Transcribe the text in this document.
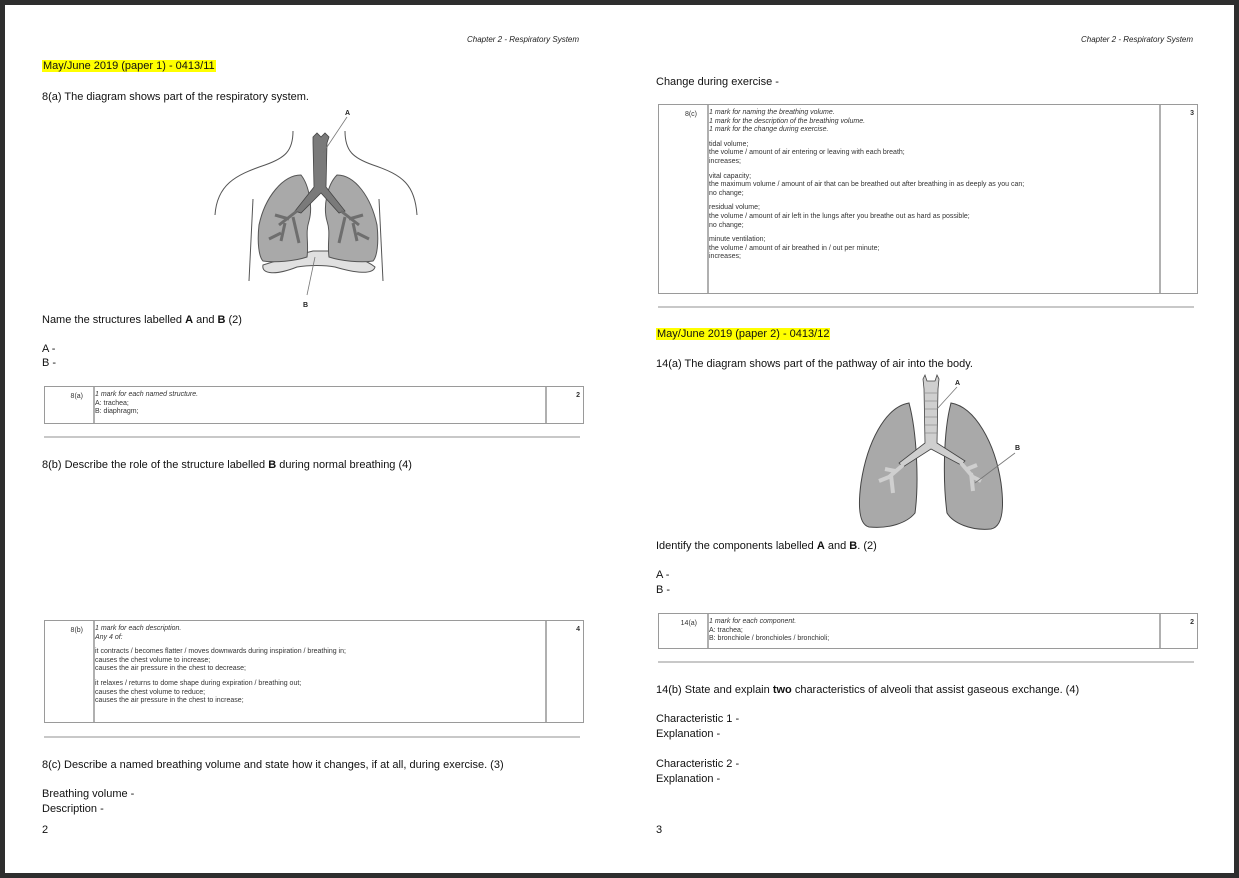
Chapter 2 - Respiratory System
May/June 2019 (paper 1) - 0413/11
8(a) The diagram shows part of the respiratory system.
A
B
Name the structures labelled A and B (2)
A -
B -
8(a) 1 mark for each named structure.
A: trachea;
B: diaphragm;
2
8(b) Describe the role of the structure labelled B during normal breathing (4)
8(b) 1 mark for each description.
Any 4 of:
it contracts / becomes flatter / moves downwards during inspiration / breathing in;
causes the chest volume to increase;
causes the air pressure in the chest to decrease;
it relaxes / returns to dome shape during expiration / breathing out;
causes the chest volume to reduce;
causes the air pressure in the chest to increase;
4
8(c) Describe a named breathing volume and state how it changes, if at all, during exercise. (3)
Breathing volume -
Description -
2
Chapter 2 - Respiratory System
Change during exercise -
8(c) 1 mark for naming the breathing volume.
1 mark for the description of the breathing volume.
1 mark for the change during exercise.
tidal volume;
the volume / amount of air entering or leaving with each breath;
increases;
vital capacity;
the maximum volume / amount of air that can be breathed out after breathing in as deeply as you can;
no change;
residual volume;
the volume / amount of air left in the lungs after you breathe out as hard as possible;
no change;
minute ventilation;
the volume / amount of air breathed in / out per minute;
increases;
3
May/June 2019 (paper 2) - 0413/12
14(a) The diagram shows part of the pathway of air into the body.
A
B
Identify the components labelled A and B. (2)
A -
B -
14(a) 1 mark for each component.
A: trachea;
B: bronchiole / bronchioles / bronchioli;
2
14(b) State and explain two characteristics of alveoli that assist gaseous exchange. (4)
Characteristic 1 -
Explanation -
Characteristic 2 -
Explanation -
3
